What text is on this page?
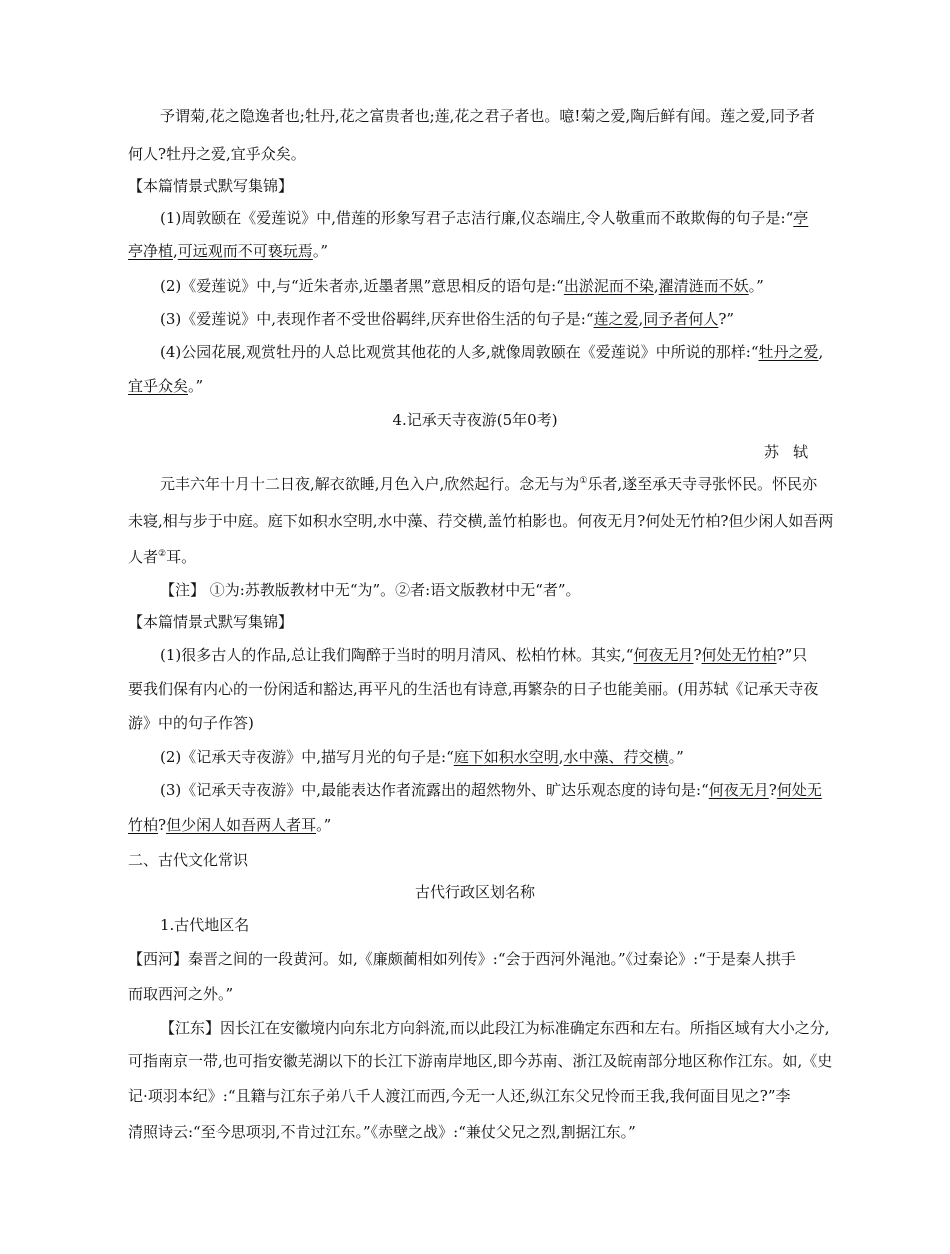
予谓菊,花之隐逸者也;牡丹,花之富贵者也;莲,花之君子者也。噫!菊之爱,陶后鲜有闻。莲之爱,同予者
何人?牡丹之爱,宜乎众矣。
【本篇情景式默写集锦】
(1)周敦颐在《爱莲说》中,借莲的形象写君子志洁行廉,仪态端庄,令人敬重而不敢欺侮的句子是:“亭
亭净植,可远观而不可亵玩焉。”
(2)《爱莲说》中,与“近朱者赤,近墨者黑”意思相反的语句是:“出淤泥而不染,濯清涟而不妖。”
(3)《爱莲说》中,表现作者不受世俗羁绊,厌弃世俗生活的句子是:“莲之爱,同予者何人?”
(4)公园花展,观赏牡丹的人总比观赏其他花的人多,就像周敦颐在《爱莲说》中所说的那样:“牡丹之爱,
宜乎众矣。”
4.记承天寺夜游(5年0考)
苏轼
元丰六年十月十二日夜,解衣欲睡,月色入户,欣然起行。念无与为①乐者,遂至承天寺寻张怀民。怀民亦
未寝,相与步于中庭。庭下如积水空明,水中藻、荇交横,盖竹柏影也。何夜无月?何处无竹柏?但少闲人如吾两
人者②耳。
【注】 ①为:苏教版教材中无“为”。②者:语文版教材中无“者”。
【本篇情景式默写集锦】
(1)很多古人的作品,总让我们陶醉于当时的明月清风、松柏竹林。其实,“何夜无月?何处无竹柏?”只
要我们保有内心的一份闲适和豁达,再平凡的生活也有诗意,再繁杂的日子也能美丽。(用苏轼《记承天寺夜
游》中的句子作答)
(2)《记承天寺夜游》中,描写月光的句子是:“庭下如积水空明,水中藻、荇交横。”
(3)《记承天寺夜游》中,最能表达作者流露出的超然物外、旷达乐观态度的诗句是:“何夜无月?何处无
竹柏?但少闲人如吾两人者耳。”
二、古代文化常识
古代行政区划名称
1.古代地区名
【西河】秦晋之间的一段黄河。如,《廉颇蔺相如列传》:“会于西河外渑池。”《过秦论》:“于是秦人拱手
而取西河之外。”
【江东】因长江在安徽境内向东北方向斜流,而以此段江为标准确定东西和左右。所指区域有大小之分,
可指南京一带,也可指安徽芜湖以下的长江下游南岸地区,即今苏南、浙江及皖南部分地区称作江东。如,《史
记·项羽本纪》:“且籍与江东子弟八千人渡江而西,今无一人还,纵江东父兄怜而王我,我何面目见之?”李
清照诗云:“至今思项羽,不肯过江东。”《赤壁之战》:“兼仗父兄之烈,割据江东。”
